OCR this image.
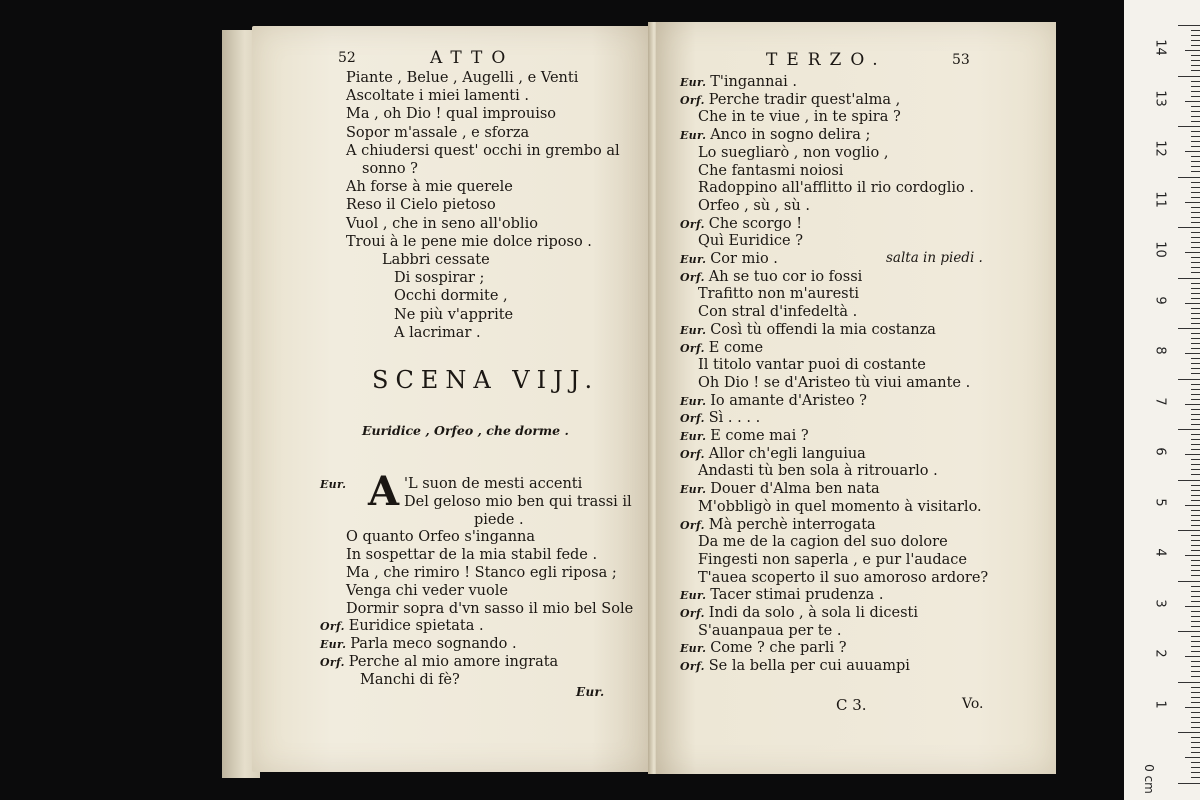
52	ATTO
Piante , Belue , Augelli , e Venti
Ascoltate i miei lamenti .
Ma , oh Dio ! qual improuiso
Sopor m'assale , e sforza
A chiudersi quest' occhi in grembo al
sonno ?
Ah forse à mie querele
Reso il Cielo pietoso
Vuol , che in seno all'oblio
Troui à le pene mie dolce riposo .
Labbri cessate
Di sospirar ;
Occhi dormite ,
Ne più v'apprite
A lacrimar .
SCENA VIJJ.
Euridice , Orfeo , che dorme .
Eur. A 'L suon de mesti accenti
Del geloso mio ben qui trassi il
piede .
O quanto Orfeo s'inganna
In sospettar de la mia stabil fede .
Ma , che rimiro ! Stanco egli riposa ;
Venga chi veder vuole
Dormir sopra d'vn sasso il mio bel Sole
Orf. Euridice spietata .
Eur. Parla meco sognando .
Orf. Perche al mio amore ingrata
Manchi di fè?
Eur.
TERZO.	53
Eur. T'ingannai .
Orf. Perche tradir quest'alma ,
Che in te viue , in te spira ?
Eur. Anco in sogno delira ;
Lo suegliarò , non voglio ,
Che fantasmi noiosi
Radoppino all'afflitto il rio cordoglio .
Orfeo , sù , sù .
Orf. Che scorgo !
Quì Euridice ?
Eur. Cor mio .
Orf. Ah se tuo cor io fossi
Trafitto non m'auresti
Con stral d'infedeltà .
Eur. Così tù offendi la mia costanza
Orf. E come
Il titolo vantar puoi di costante
Oh Dio ! se d'Aristeo tù viui amante .
Eur. Io amante d'Aristeo ?
Orf. Sì . . . .
Eur. E come mai ?
Orf. Allor ch'egli languiua
Andasti tù ben sola à ritrouarlo .
Eur. Douer d'Alma ben nata
M'obbligò in quel momento à visitarlo.
Orf. Mà perchè interrogata
Da me de la cagion del suo dolore
Fingesti non saperla , e pur l'audace
T'auea scoperto il suo amoroso ardore?
Eur. Tacer stimai prudenza .
Orf. Indi da solo , à sola li dicesti
S'auanpaua per te .
Eur. Come ? che parli ?
Orf. Se la bella per cui auuampi
salta in piedi .
C 3.	Vo.
0 cm
14
13
12
11
10
9
8
7
6
5
4
3
2
1
